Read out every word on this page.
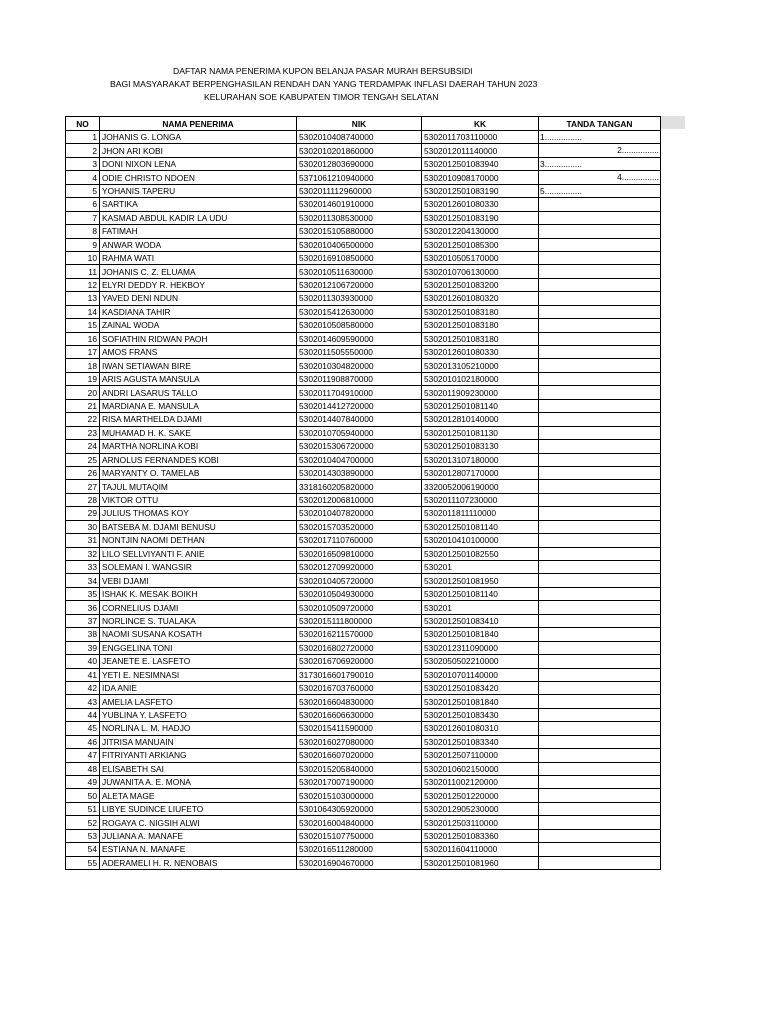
DAFTAR NAMA PENERIMA KUPON BELANJA PASAR MURAH BERSUBSIDI
BAGI MASYARAKAT BERPENGHASILAN RENDAH DAN YANG TERDAMPAK INFLASI DAERAH TAHUN 2023
KELURAHAN SOE KABUPATEN TIMOR TENGAH SELATAN
NO	NAMA PENERIMA	NIK	KK	TANDA TANGAN
1	JOHANIS G. LONGA	5302010408740000	5302011703110000	1................

2	JHON ARI KOBI	5302010201860000	5302012011140000	2................

3	DONI NIXON LENA	5302012803690000	5302012501083940	3................

4	ODIE CHRISTO NDOEN	5371061210940000	5302010908170000	4................

5	YOHANIS TAPERU	5302011112960000	5302012501083190	5................

6	SARTIKA	5302014601910000	5302012601080330	

7	KASMAD ABDUL KADIR LA UDU	5302011308530000	5302012501083190	

8	FATIMAH	5302015105880000	5302012204130000	

9	ANWAR WODA	5302010406500000	5302012501085300	

10	RAHMA WATI	5302016910850000	5302010505170000	

11	JOHANIS C. Z. ELUAMA	5302010511630000	5302010706130000	

12	ELYRI DEDDY R. HEKBOY	5302012106720000	5302012501083200	

13	YAVED DENI NDUN	5302011303930000	5302012601080320	

14	KASDIANA TAHIR	5302015412630000	5302012501083180	

15	ZAINAL WODA	5302010508580000	5302012501083180	

16	SOFIATHIN RIDWAN PAOH	5302014609590000	5302012501083180	

17	AMOS FRANS	5302011505550000	5302012601080330	

18	IWAN SETIAWAN BIRE	5302010304820000	5302013105210000	

19	ARIS AGUSTA MANSULA	5302011908870000	5302010102180000	

20	ANDRI LASARUS TALLO	5302011704910000	5302011909230000	

21	MARDIANA E. MANSULA	5302014412720000	5302012501081140	

22	RISA MARTHELDA DJAMI	5302014407840000	5302012810140000	

23	MUHAMAD H. K. SAKE	5302010705940000	5302012501081130	

24	MARTHA NORLINA KOBI	5302015306720000	5302012501083130	

25	ARNOLUS FERNANDES KOBI	5302010404700000	5302013107180000	

26	MARYANTY O. TAMELAB	5302014303890000	5302012807170000	

27	TAJUL MUTAQIM	3318160205820000	3320052006190000	

28	VIKTOR OTTU	5302012006810000	5302011107230000	

29	JULIUS THOMAS KOY	5302010407820000	5302011811110000	

30	BATSEBA M. DJAMI BENUSU	5302015703520000	5302012501081140	

31	NONTJIN NAOMI DETHAN	5302017110760000	5302010410100000	

32	LILO SELLVIYANTI F. ANIE	5302016509810000	5302012501082550	

33	SOLEMAN I. WANGSIR	5302012709920000	530201	

34	VEBI DJAMI	5302010405720000	5302012501081950	

35	ISHAK K. MESAK BOIKH	5302010504930000	5302012501081140	

36	CORNELIUS DJAMI	5302010509720000	530201	

37	NORLINCE S. TUALAKA	5302015111800000	5302012501083410	

38	NAOMI SUSANA KOSATH	5302016211570000	5302012501081840	

39	ENGGELINA TONI	5302016802720000	5302012311090000	

40	JEANETE E. LASFETO	5302016706920000	5302050502210000	

41	YETI E. NESIMNASI	3173016601790010	5302010701140000	

42	IDA ANIE	5302016703760000	5302012501083420	

43	AMELIA LASFETO	5302016604830000	5302012501081840	

44	YUBLINA Y. LASFETO	5302016606630000	5302012501083430	

45	NORLINA L. M. HADJO	5302015411590000	5302012601080310	

46	JITRISA MANUAIN	5302016027080000	5302012501083340	

47	FITRIYANTI ARKIANG	5302016607020000	5302012507110000	

48	ELISABETH SAI	5302015205840000	5302010602150000	

49	JUWANITA A. E. MONA	5302017007190000	5302011002120000	

50	ALETA MAGE	5302015103000000	5302012501220000	

51	LIBYE SUDINCE LIUFETO	5301064305920000	5302012905230000	

52	ROGAYA C. NIGSIH ALWI	5302016004840000	5302012503110000	

53	JULIANA A. MANAFE	5302015107750000	5302012501083360	

54	ESTIANA N. MANAFE	5302016511280000	5302011604110000	

55	ADERAMELI H. R. NENOBAIS	5302016904670000	5302012501081960	
